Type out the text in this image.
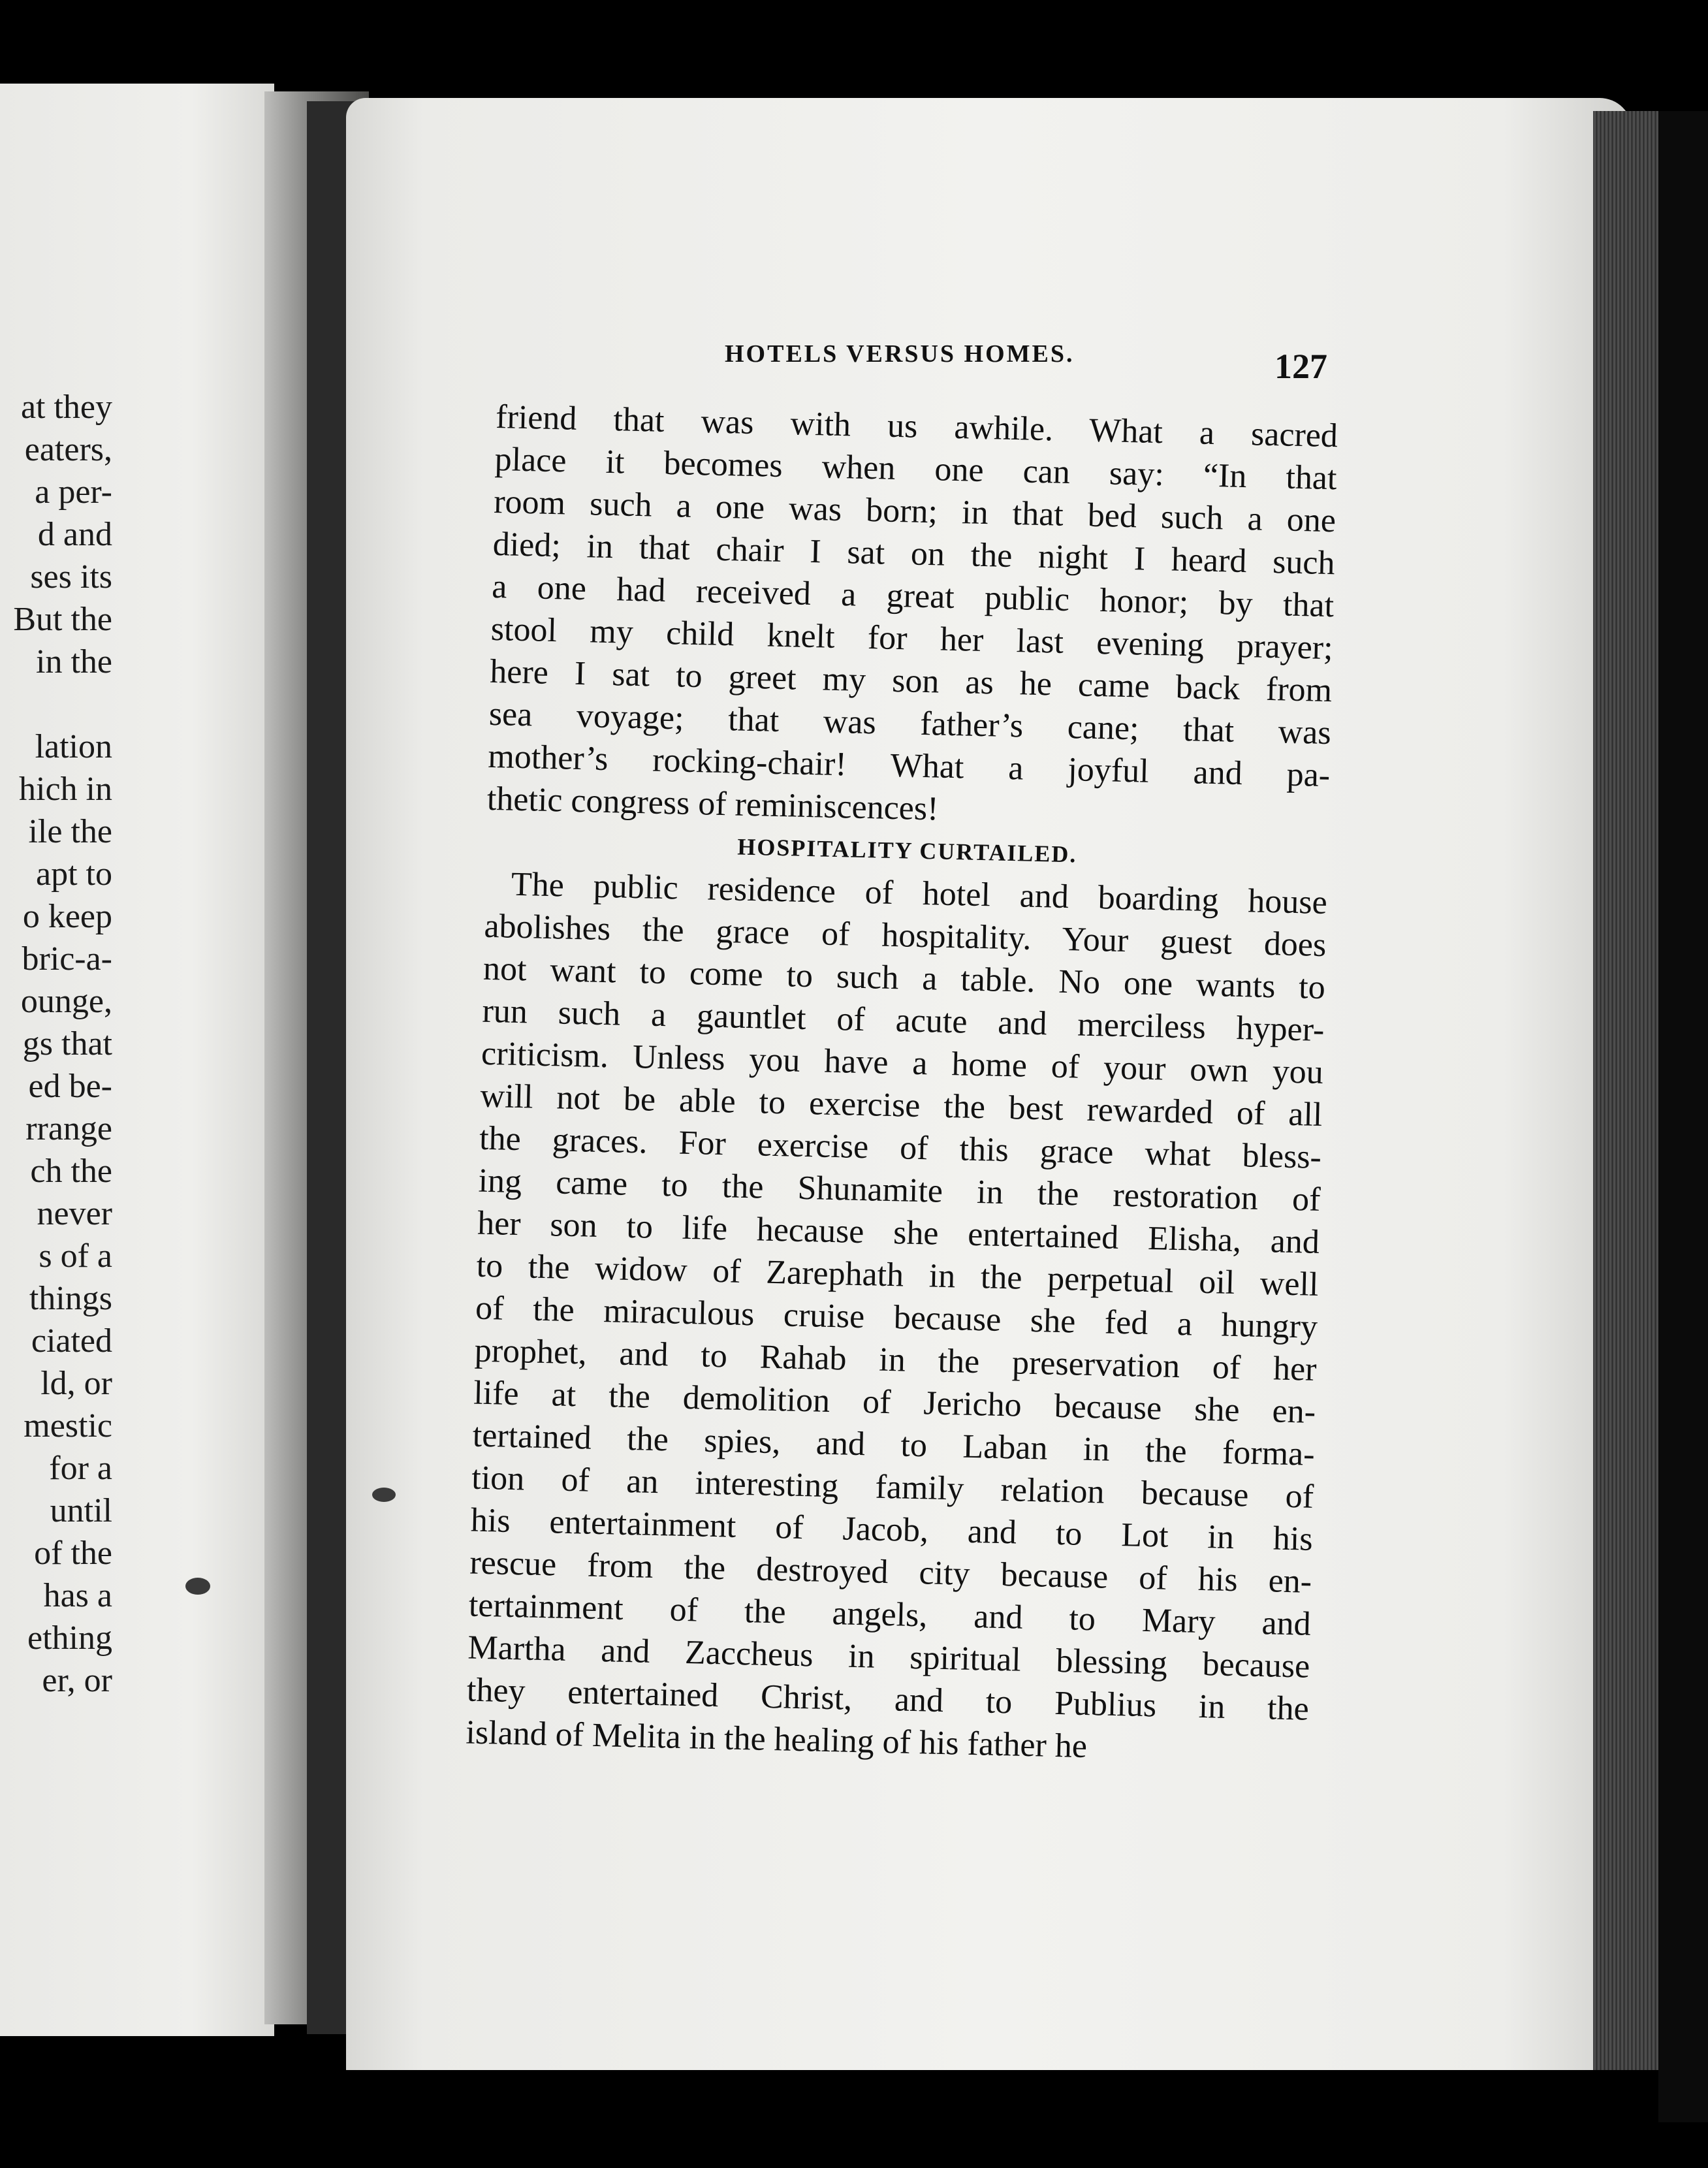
at they
eaters,
a per-
d and
ses its
But the
in the
lation
hich in
ile the
apt to
o keep
bric-a-
ounge,
gs that
ed be-
rrange
ch the
never
s of a
things
ciated
ld, or
mestic
for a
until
of the
has a
ething
er, or
HOTELS VERSUS HOMES.	127
friend that was with us awhile. What a sacred
place it becomes when one can say: “In that
room such a one was born; in that bed such a one
died; in that chair I sat on the night I heard such
a one had received a great public honor; by that
stool my child knelt for her last evening prayer;
here I sat to greet my son as he came back from
sea voyage; that was father’s cane; that was
mother’s rocking-chair! What a joyful and pa-
thetic congress of reminiscences!
HOSPITALITY CURTAILED.
The public residence of hotel and boarding house
abolishes the grace of hospitality. Your guest does
not want to come to such a table. No one wants to
run such a gauntlet of acute and merciless hyper-
criticism. Unless you have a home of your own you
will not be able to exercise the best rewarded of all
the graces. For exercise of this grace what bless-
ing came to the Shunamite in the restoration of
her son to life hecause she entertained Elisha, and
to the widow of Zarephath in the perpetual oil well
of the miraculous cruise because she fed a hungry
prophet, and to Rahab in the preservation of her
life at the demolition of Jericho because she en-
tertained the spies, and to Laban in the forma-
tion of an interesting family relation because of
his entertainment of Jacob, and to Lot in his
rescue from the destroyed city because of his en-
tertainment of the angels, and to Mary and
Martha and Zaccheus in spiritual blessing because
they entertained Christ, and to Publius in the
island of Melita in the healing of his father he
